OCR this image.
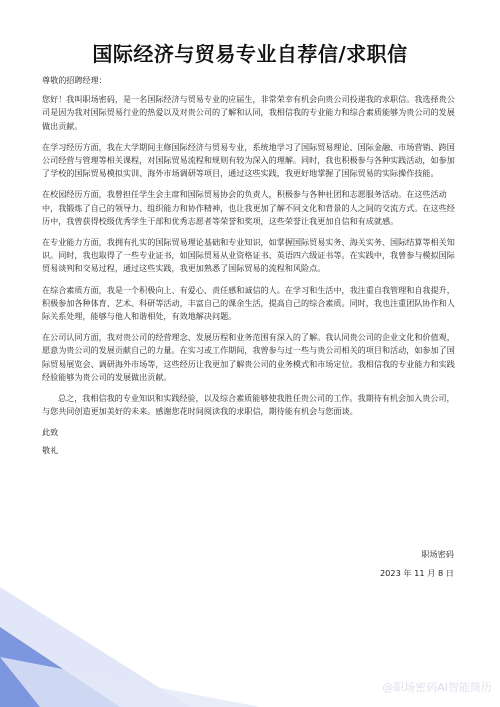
国际经济与贸易专业自荐信/求职信

尊敬的招聘经理：

您好！我叫职场密码，是一名国际经济与贸易专业的应届生，非常荣幸有机会向贵公司投递我的求职信。我选择贵公司是因为我对国际贸易行业的热爱以及对贵公司的了解和认同，我相信我的专业能力和综合素质能够为贵公司的发展做出贡献。

在学习经历方面，我在大学期间主修国际经济与贸易专业，系统地学习了国际贸易理论、国际金融、市场营销、跨国公司经营与管理等相关课程，对国际贸易流程和规则有较为深入的理解。同时，我也积极参与各种实践活动，如参加了学校的国际贸易模拟实训、海外市场调研等项目，通过这些实践，我更好地掌握了国际贸易的实际操作技能。

在校园经历方面，我曾担任学生会主席和国际贸易协会的负责人，积极参与各种社团和志愿服务活动。在这些活动中，我锻炼了自己的领导力、组织能力和协作精神，也让我更加了解不同文化和背景的人之间的交流方式。在这些经历中，我曾获得校级优秀学生干部和优秀志愿者等荣誉和奖项，这些荣誉让我更加自信和有成就感。

在专业能力方面，我拥有扎实的国际贸易理论基础和专业知识，如掌握国际贸易实务、海关实务、国际结算等相关知识。同时，我也取得了一些专业证书，如国际贸易从业资格证书、英语四六级证书等。在实践中，我曾参与模拟国际贸易谈判和交易过程，通过这些实践，我更加熟悉了国际贸易的流程和风险点。

在综合素质方面，我是一个积极向上、有爱心、责任感和诚信的人。在学习和生活中，我注重自我管理和自我提升，积极参加各种体育、艺术、科研等活动，丰富自己的课余生活，提高自己的综合素质。同时，我也注重团队协作和人际关系处理，能够与他人和谐相处，有效地解决问题。

在公司认同方面，我对贵公司的经营理念、发展历程和业务范围有深入的了解。我认同贵公司的企业文化和价值观，愿意为贵公司的发展贡献自己的力量。在实习或工作期间，我曾参与过一些与贵公司相关的项目和活动，如参加了国际贸易展览会、调研海外市场等，这些经历让我更加了解贵公司的业务模式和市场定位。我相信我的专业能力和实践经验能够为贵公司的发展做出贡献。

总之，我相信我的专业知识和实践经验，以及综合素质能够使我胜任贵公司的工作。我期待有机会加入贵公司，与您共同创造更加美好的未来。感谢您花时间阅读我的求职信，期待能有机会与您面谈。

此致

敬礼

职场密码
2023 年 11 月 8 日
@职场密码AI智能简历
